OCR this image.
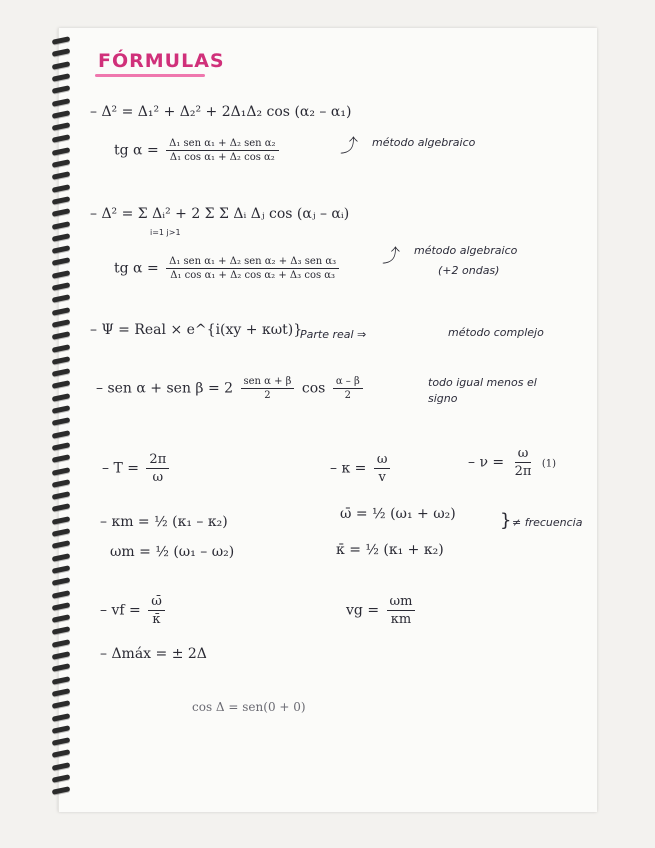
FÓRMULAS
– Δ² = Δ₁² + Δ₂² + 2Δ₁Δ₂ cos (α₂ – α₁)
tg $\alpha = \frac{\text{Δ₁ sen α₁ + Δ₂ sen α₂}}{\text{Δ₁ cos α₁ + Δ₂ cos α₂}}$	⤴ método algebraico
– Δ² = Σ Δᵢ² + 2 Σ Σ Δᵢ Δⱼ cos (αⱼ – αᵢ)
i=1 j>1
tg $\alpha = \frac{\text{Δ₁ sen α₁ + Δ₂ sen α₂ + Δ₃ sen α₃}}{\text{Δ₁ cos α₁ + Δ₂ cos α₂ + Δ₃ cos α₃}}$ ⤴ método algebraico
(+2 ondas)
– Ψ = Real × e^{i(xy + κωt)}
Parte real ⇒	método complejo
– sen α + sen $\beta = 2 \frac{\text{sen α + β}}{2}$ $\cos \frac{\alpha - \beta}{2}$	todo igual menos el
signo
– $T = \frac{2\pi}{\omega}$	– $\kappa = \frac{\omega}{v}$	– $\nu = \frac{\omega}{2\pi} (1)$
– κm = ½ (κ₁ – κ₂)	ω̄ = ½ (ω₁ + ω₂)
ωm = ½ (ω₁ – ω₂)	κ̄ = ½ (κ₁ + κ₂)
} ≠ frecuencia
– vf = $\frac{\omegā}{\kappā}$	vg = $\frac{\omega m}{\kappa m}$
– Δmáx = ± 2Δ
cos Δ = sen(0 + 0)
